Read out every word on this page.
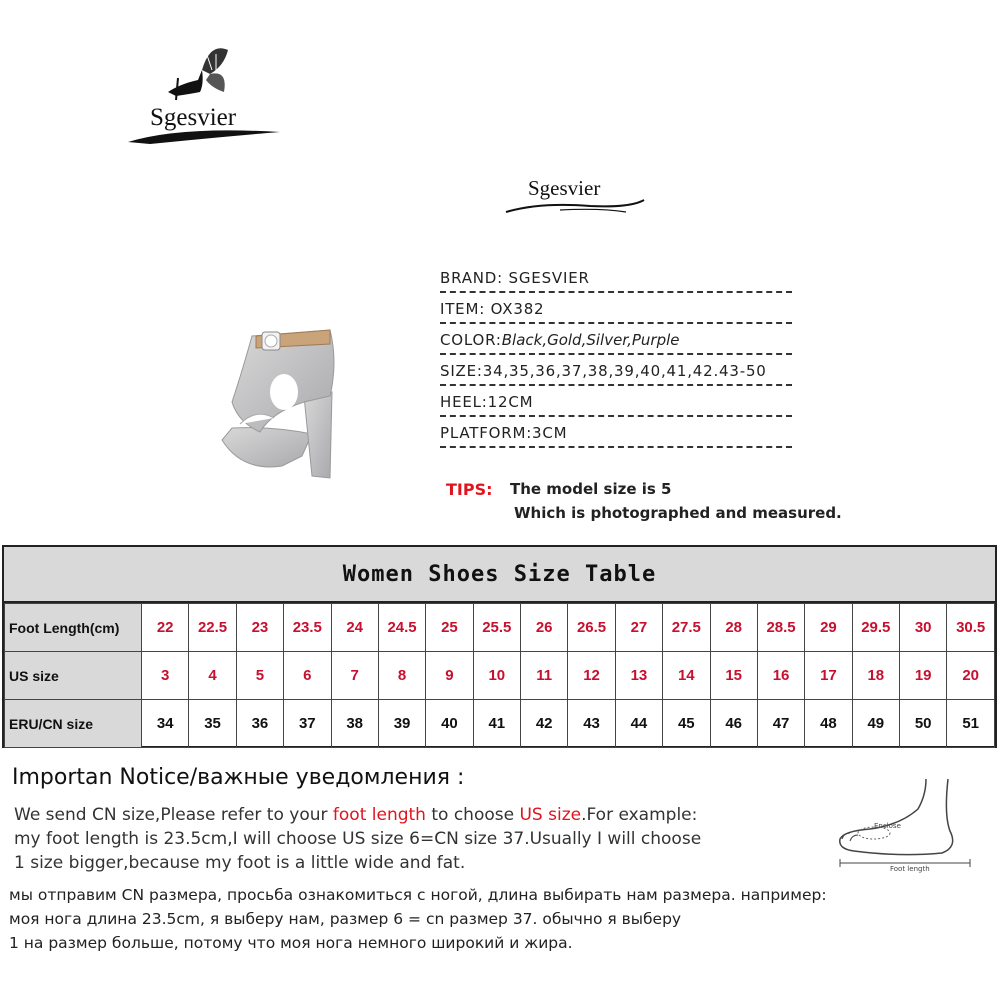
Sgesvier
Sgesvier
BRAND: SGESVIER
ITEM: OX382
COLOR:Black,Gold,Silver,Purple
SIZE:34,35,36,37,38,39,40,41,42.43-50
HEEL:12CM
PLATFORM:3CM
TIPS: The model size is 5
Which is photographed and measured.
Women Shoes Size Table
Foot Length(cm)	22	22.5	23	23.5	24	24.5	25	25.5	26	26.5	27	27.5	28	28.5	29	29.5	30	30.5
US size	3	4	5	6	7	8	9	10	11	12	13	14	15	16	17	18	19	20
ERU/CN size	34	35	36	37	38	39	40	41	42	43	44	45	46	47	48	49	50	51
Importan Notice/важные уведомления :
We send CN size,Please refer to your foot length to choose US size.For example:
my foot length is 23.5cm,I will choose US size 6=CN size 37.Usually I will choose
1 size bigger,because my foot is a little wide and fat.
мы отправим CN размера, просьба ознакомиться с ногой, длина выбирать нам размера. например:
моя нога длина 23.5cm, я выберу нам, размер 6 = cn размер 37. обычно я выберу
1 на размер больше, потому что моя нога немного широкий и жира.
Enclose
Foot length
